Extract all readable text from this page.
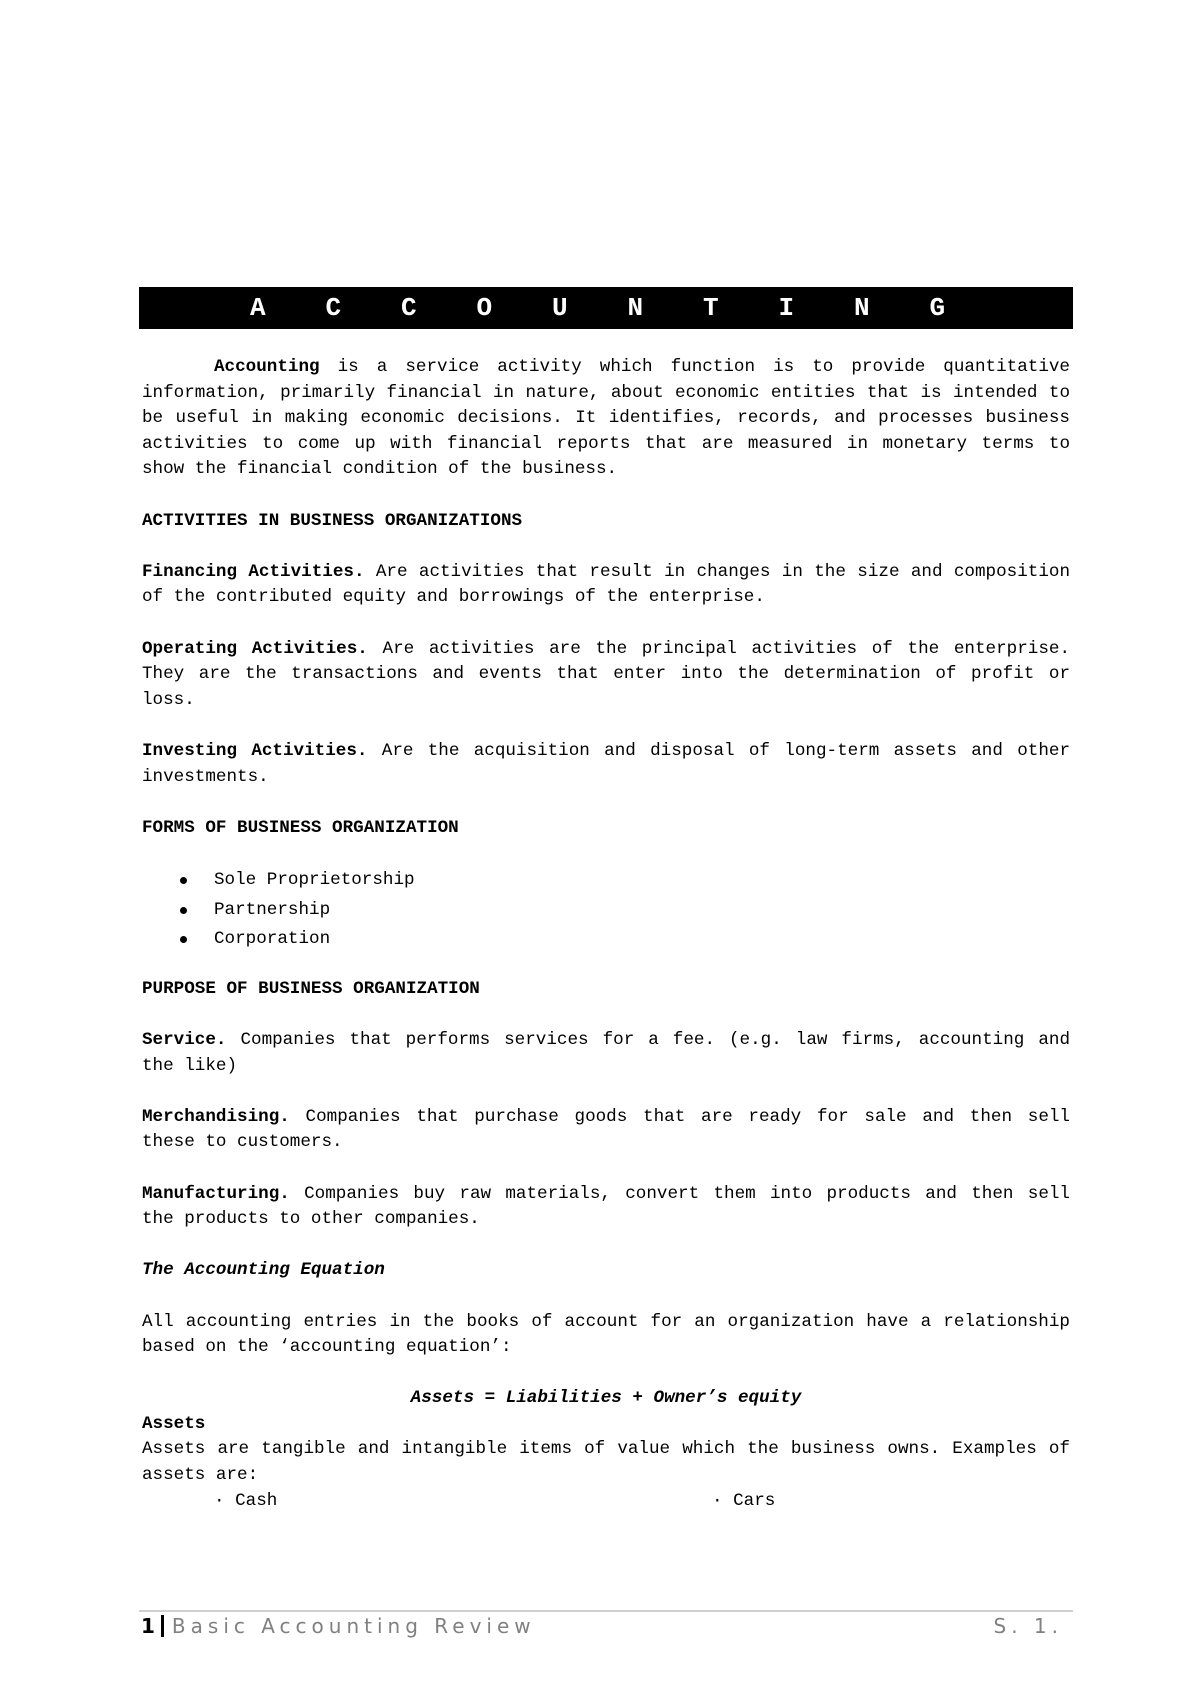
A	C	C	O	U	N	T	I	N	G

Accounting is a service activity which function is to provide quantitative information, primarily financial in nature, about economic entities that is intended to be useful in making economic decisions. It identifies, records, and processes business activities to come up with financial reports that are measured in monetary terms to show the financial condition of the business.

ACTIVITIES IN BUSINESS ORGANIZATIONS

Financing Activities. Are activities that result in changes in the size and composition of the contributed equity and borrowings of the enterprise.

Operating Activities. Are activities are the principal activities of the enterprise. They are the transactions and events that enter into the determination of profit or loss.

Investing Activities. Are the acquisition and disposal of long-term assets and other investments.

FORMS OF BUSINESS ORGANIZATION

Sole Proprietorship
Partnership
Corporation

PURPOSE OF BUSINESS ORGANIZATION

Service. Companies that performs services for a fee. (e.g. law firms, accounting and the like)

Merchandising. Companies that purchase goods that are ready for sale and then sell these to customers.

Manufacturing. Companies buy raw materials, convert them into products and then sell the products to other companies.

The Accounting Equation

All accounting entries in the books of account for an organization have a relationship based on the ‘accounting equation’:

Assets = Liabilities + Owner’s equity

Assets

Assets are tangible and intangible items of value which the business owns. Examples of assets are:

· Cash	· Cars
1 Basic Accounting Review	S. 1.
